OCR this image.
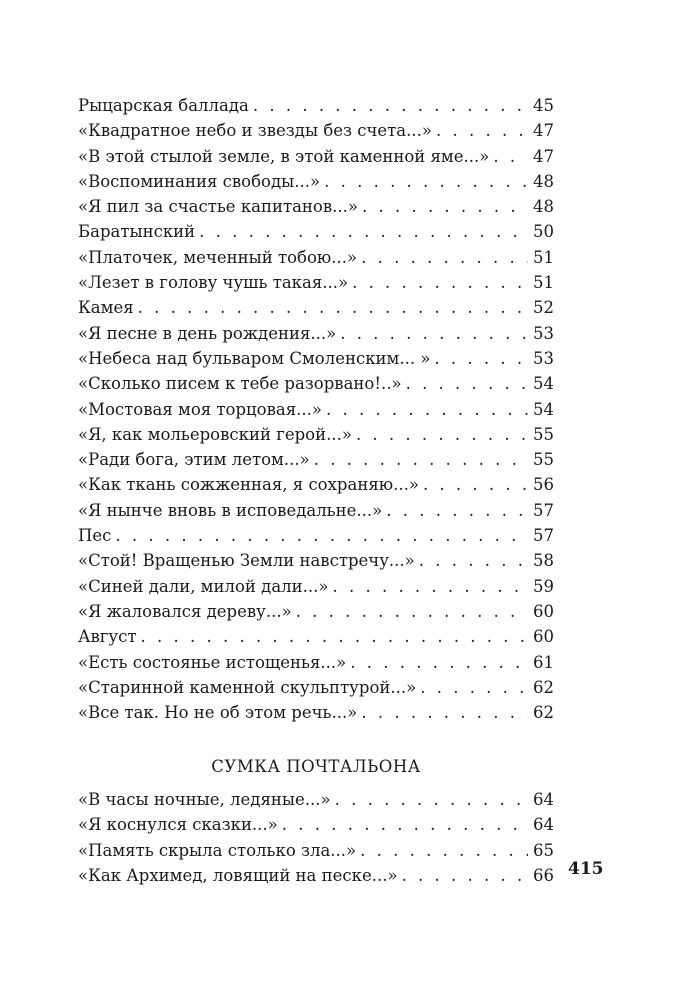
Рыцарская баллада . . .	45
«Квадратное небо и звезды без счета...» . . .	47
«В этой стылой земле, в этой каменной яме...» . . .	47
«Воспоминания свободы...» . . .	48
«Я пил за счастье капитанов...» . . .	48
Баратынский . . .	50
«Платочек, меченный тобою...» . . .	51
«Лезет в голову чушь такая...» . . .	51
Камея . . .	52
«Я песне в день рождения...» . . .	53
«Небеса над бульваром Смоленским... » . . .	53
«Сколько писем к тебе разорвано!..» . . .	54
«Мостовая моя торцовая...» . . .	54
«Я, как мольеровский герой...» . . .	55
«Ради бога, этим летом...» . . .	55
«Как ткань сожженная, я сохраняю...» . . .	56
«Я нынче вновь в исповедальне...» . . .	57
Пес . . .	57
«Стой! Вращенью Земли навстречу...» . . .	58
«Синей дали, милой дали...» . . .	59
«Я жаловался дереву...» . . .	60
Август . . .	60
«Есть состоянье истощенья...» . . .	61
«Старинной каменной скульптурой...» . . .	62
«Все так. Но не об этом речь...» . . .	62
СУМКА ПОЧТАЛЬОНА
«В часы ночные, ледяные...» . . .	64
«Я коснулся сказки...» . . .	64
«Память скрыла столько зла...» . . .	65
«Как Архимед, ловящий на песке...» . . .	66 415
